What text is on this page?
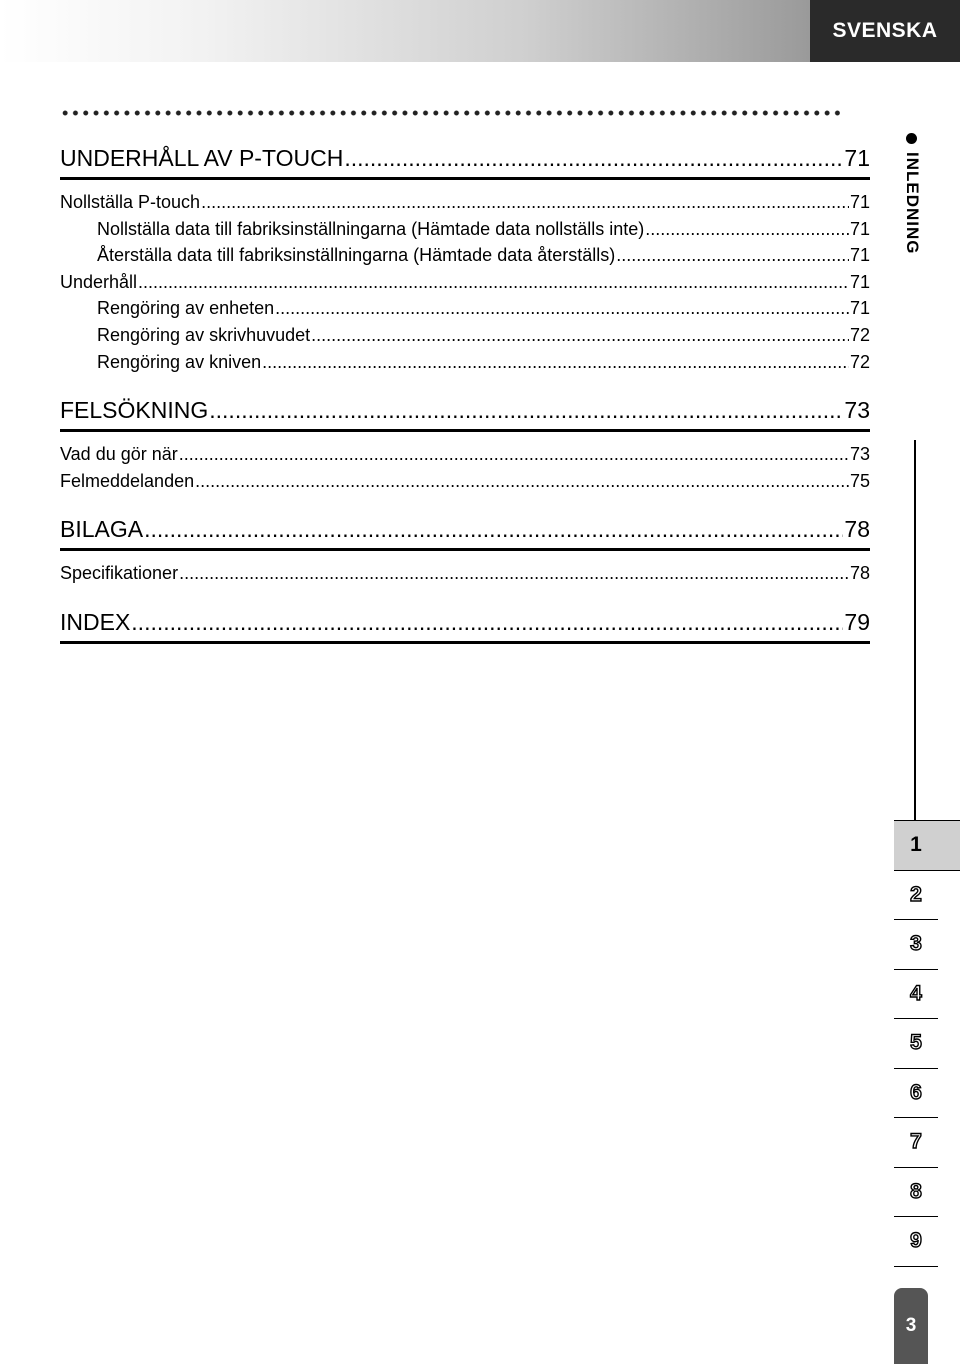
SVENSKA
UNDERHÅLL AV P-TOUCH .....	71
Nollställa P-touch .....	71
Nollställa data till fabriksinställningarna (Hämtade data nollställs inte) .....	71
Återställa data till fabriksinställningarna (Hämtade data återställs) .....	71
Underhåll .....	71
Rengöring av enheten .....	71
Rengöring av skrivhuvudet .....	72
Rengöring av kniven .....	72
FELSÖKNING .....	73
Vad du gör när .....	73
Felmeddelanden .....	75
BILAGA .....	78
Specifikationer .....	78
INDEX .....	79
INLEDNING
1
2
3
4
5
6
7
8
9
3
